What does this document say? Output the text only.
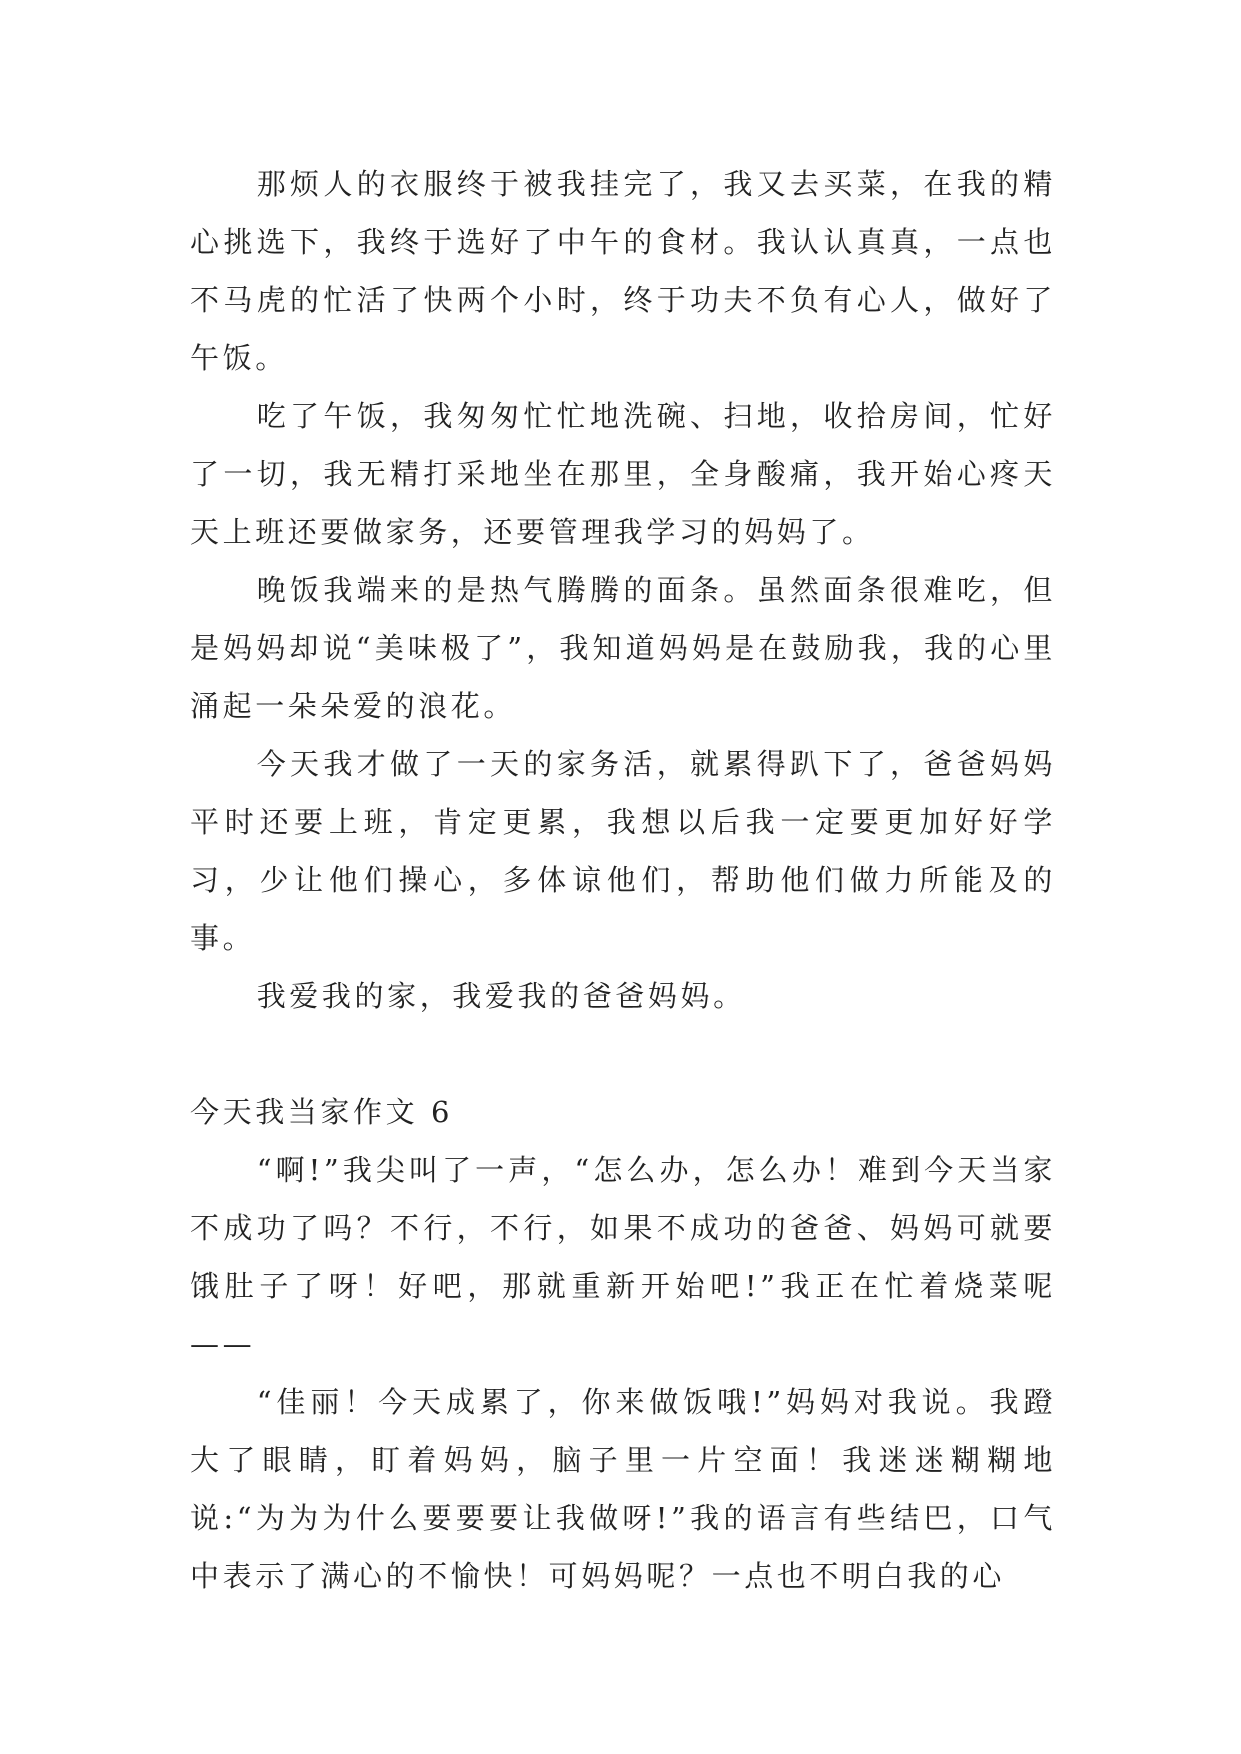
那烦人的衣服终于被我挂完了，我又去买菜，在我的精心挑选下，我终于选好了中午的食材。我认认真真，一点也不马虎的忙活了快两个小时，终于功夫不负有心人，做好了午饭。

吃了午饭，我匆匆忙忙地洗碗、扫地，收拾房间，忙好了一切，我无精打采地坐在那里，全身酸痛，我开始心疼天天上班还要做家务，还要管理我学习的妈妈了。

晚饭我端来的是热气腾腾的面条。虽然面条很难吃，但是妈妈却说“美味极了”，我知道妈妈是在鼓励我，我的心里涌起一朵朵爱的浪花。

今天我才做了一天的家务活，就累得趴下了，爸爸妈妈平时还要上班，肯定更累，我想以后我一定要更加好好学习，少让他们操心，多体谅他们，帮助他们做力所能及的事。

我爱我的家，我爱我的爸爸妈妈。

今天我当家作文 6

“啊!”我尖叫了一声，“怎么办，怎么办！难到今天当家不成功了吗？不行，不行，如果不成功的爸爸、妈妈可就要饿肚子了呀！好吧，那就重新开始吧!”我正在忙着烧菜呢——

“佳丽！今天成累了，你来做饭哦!”妈妈对我说。我蹬大了眼睛，盯着妈妈，脑子里一片空面！我迷迷糊糊地说:“为为为什么要要要让我做呀!”我的语言有些结巴，口气中表示了满心的不愉快！可妈妈呢？一点也不明白我的心
